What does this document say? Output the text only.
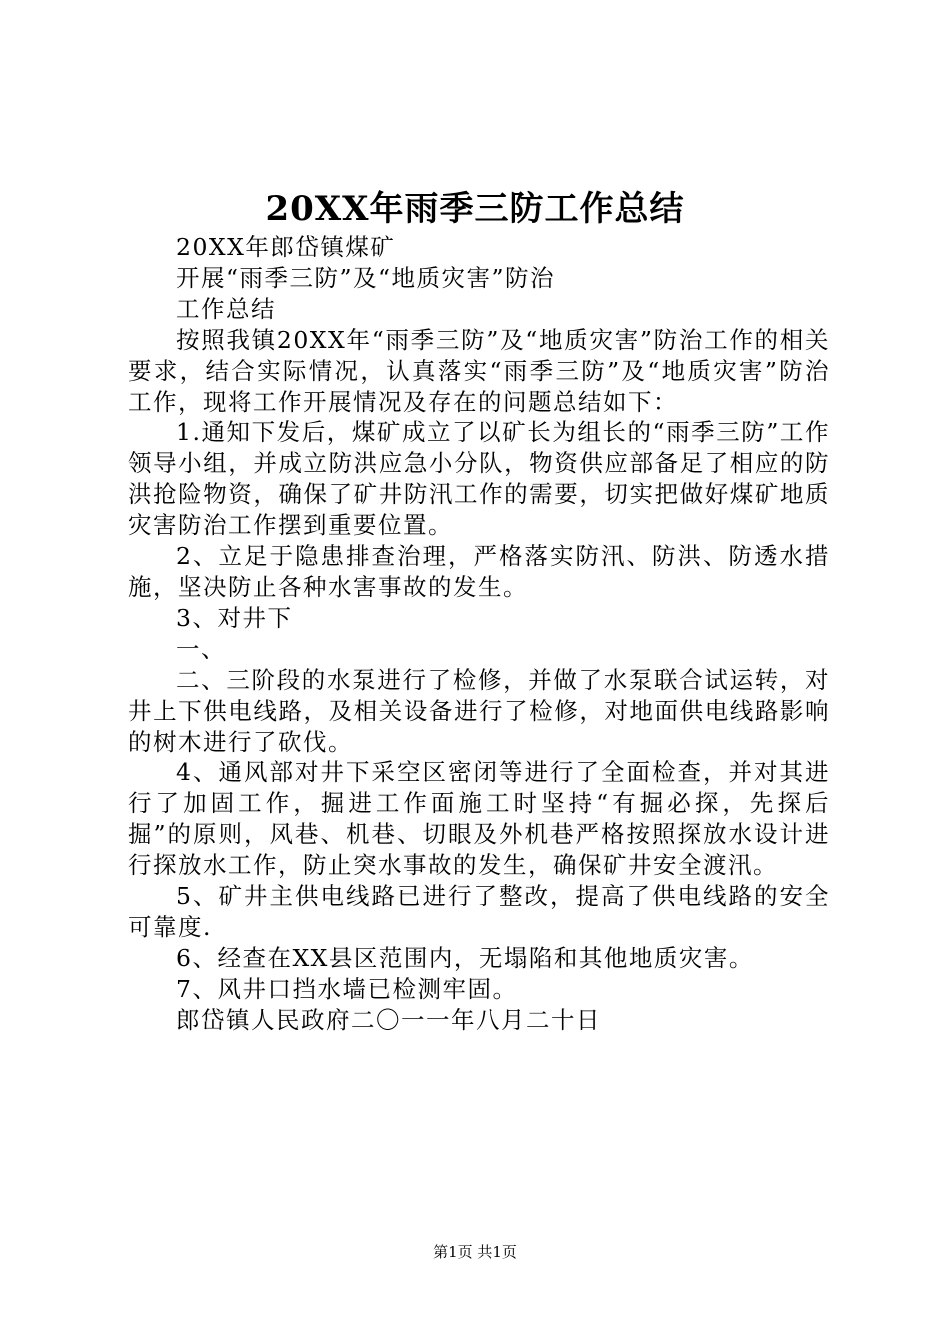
20XX年雨季三防工作总结

20XX年郎岱镇煤矿

开展“雨季三防”及“地质灾害”防治

工作总结

按照我镇20XX年“雨季三防”及“地质灾害”防治工作的相关要求，结合实际情况，认真落实“雨季三防”及“地质灾害”防治工作，现将工作开展情况及存在的问题总结如下：

1.通知下发后，煤矿成立了以矿长为组长的“雨季三防”工作领导小组，并成立防洪应急小分队，物资供应部备足了相应的防洪抢险物资，确保了矿井防汛工作的需要，切实把做好煤矿地质灾害防治工作摆到重要位置。

2、立足于隐患排查治理，严格落实防汛、防洪、防透水措施，坚决防止各种水害事故的发生。

3、对井下

一、

二、三阶段的水泵进行了检修，并做了水泵联合试运转，对井上下供电线路，及相关设备进行了检修，对地面供电线路影响的树木进行了砍伐。

4、通风部对井下采空区密闭等进行了全面检查，并对其进行了加固工作，掘进工作面施工时坚持“有掘必探，先探后掘”的原则，风巷、机巷、切眼及外机巷严格按照探放水设计进行探放水工作，防止突水事故的发生，确保矿井安全渡汛。

5、矿井主供电线路已进行了整改，提高了供电线路的安全可靠度.

6、经查在XX县区范围内，无塌陷和其他地质灾害。

7、风井口挡水墙已检测牢固。

郎岱镇人民政府二〇一一年八月二十日

第1页 共1页
